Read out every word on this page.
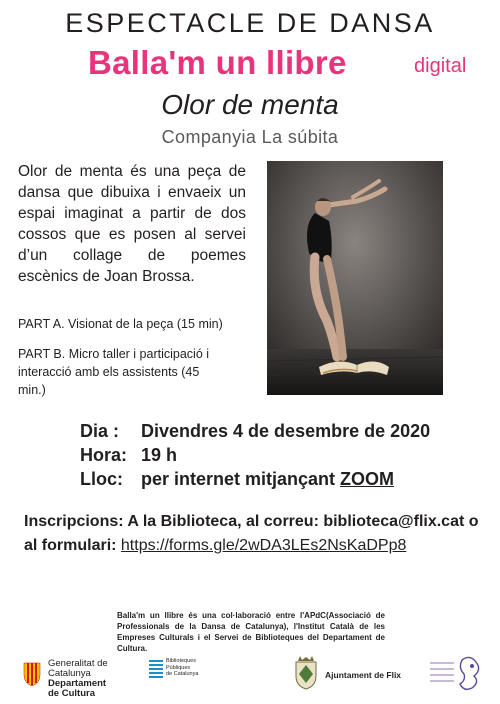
ESPECTACLE DE DANSA
Balla'm un llibre	digital
Olor de menta
Companyia La súbita
Olor de menta és una peça de dansa que dibuixa i envaeix un espai imaginat a partir de dos cossos que es posen al servei d’un collage de poemes escènics de Joan Brossa.
PART A. Visionat de la peça (15 min)
PART B. Micro taller i participació i interacció amb els assistents (45 min.)
Dia : Divendres 4 de desembre de 2020
Hora: 19 h
Lloc: per internet mitjançant ZOOM
Inscripcions: A la Biblioteca, al correu: biblioteca@flix.cat o al formulari: https://forms.gle/2wDA3LEs2NsKaDPp8
Balla'm un llibre és una col·laboració entre l'APdC(Associació de Professionals de la Dansa de Catalunya), l'Institut Català de les Empreses Culturals i el Servei de Biblioteques del Departament de Cultura.
Generalitat de Catalunya
Departament
de Cultura
Biblioteques
Públiques
de Catalunya	Ajuntament de Flix
